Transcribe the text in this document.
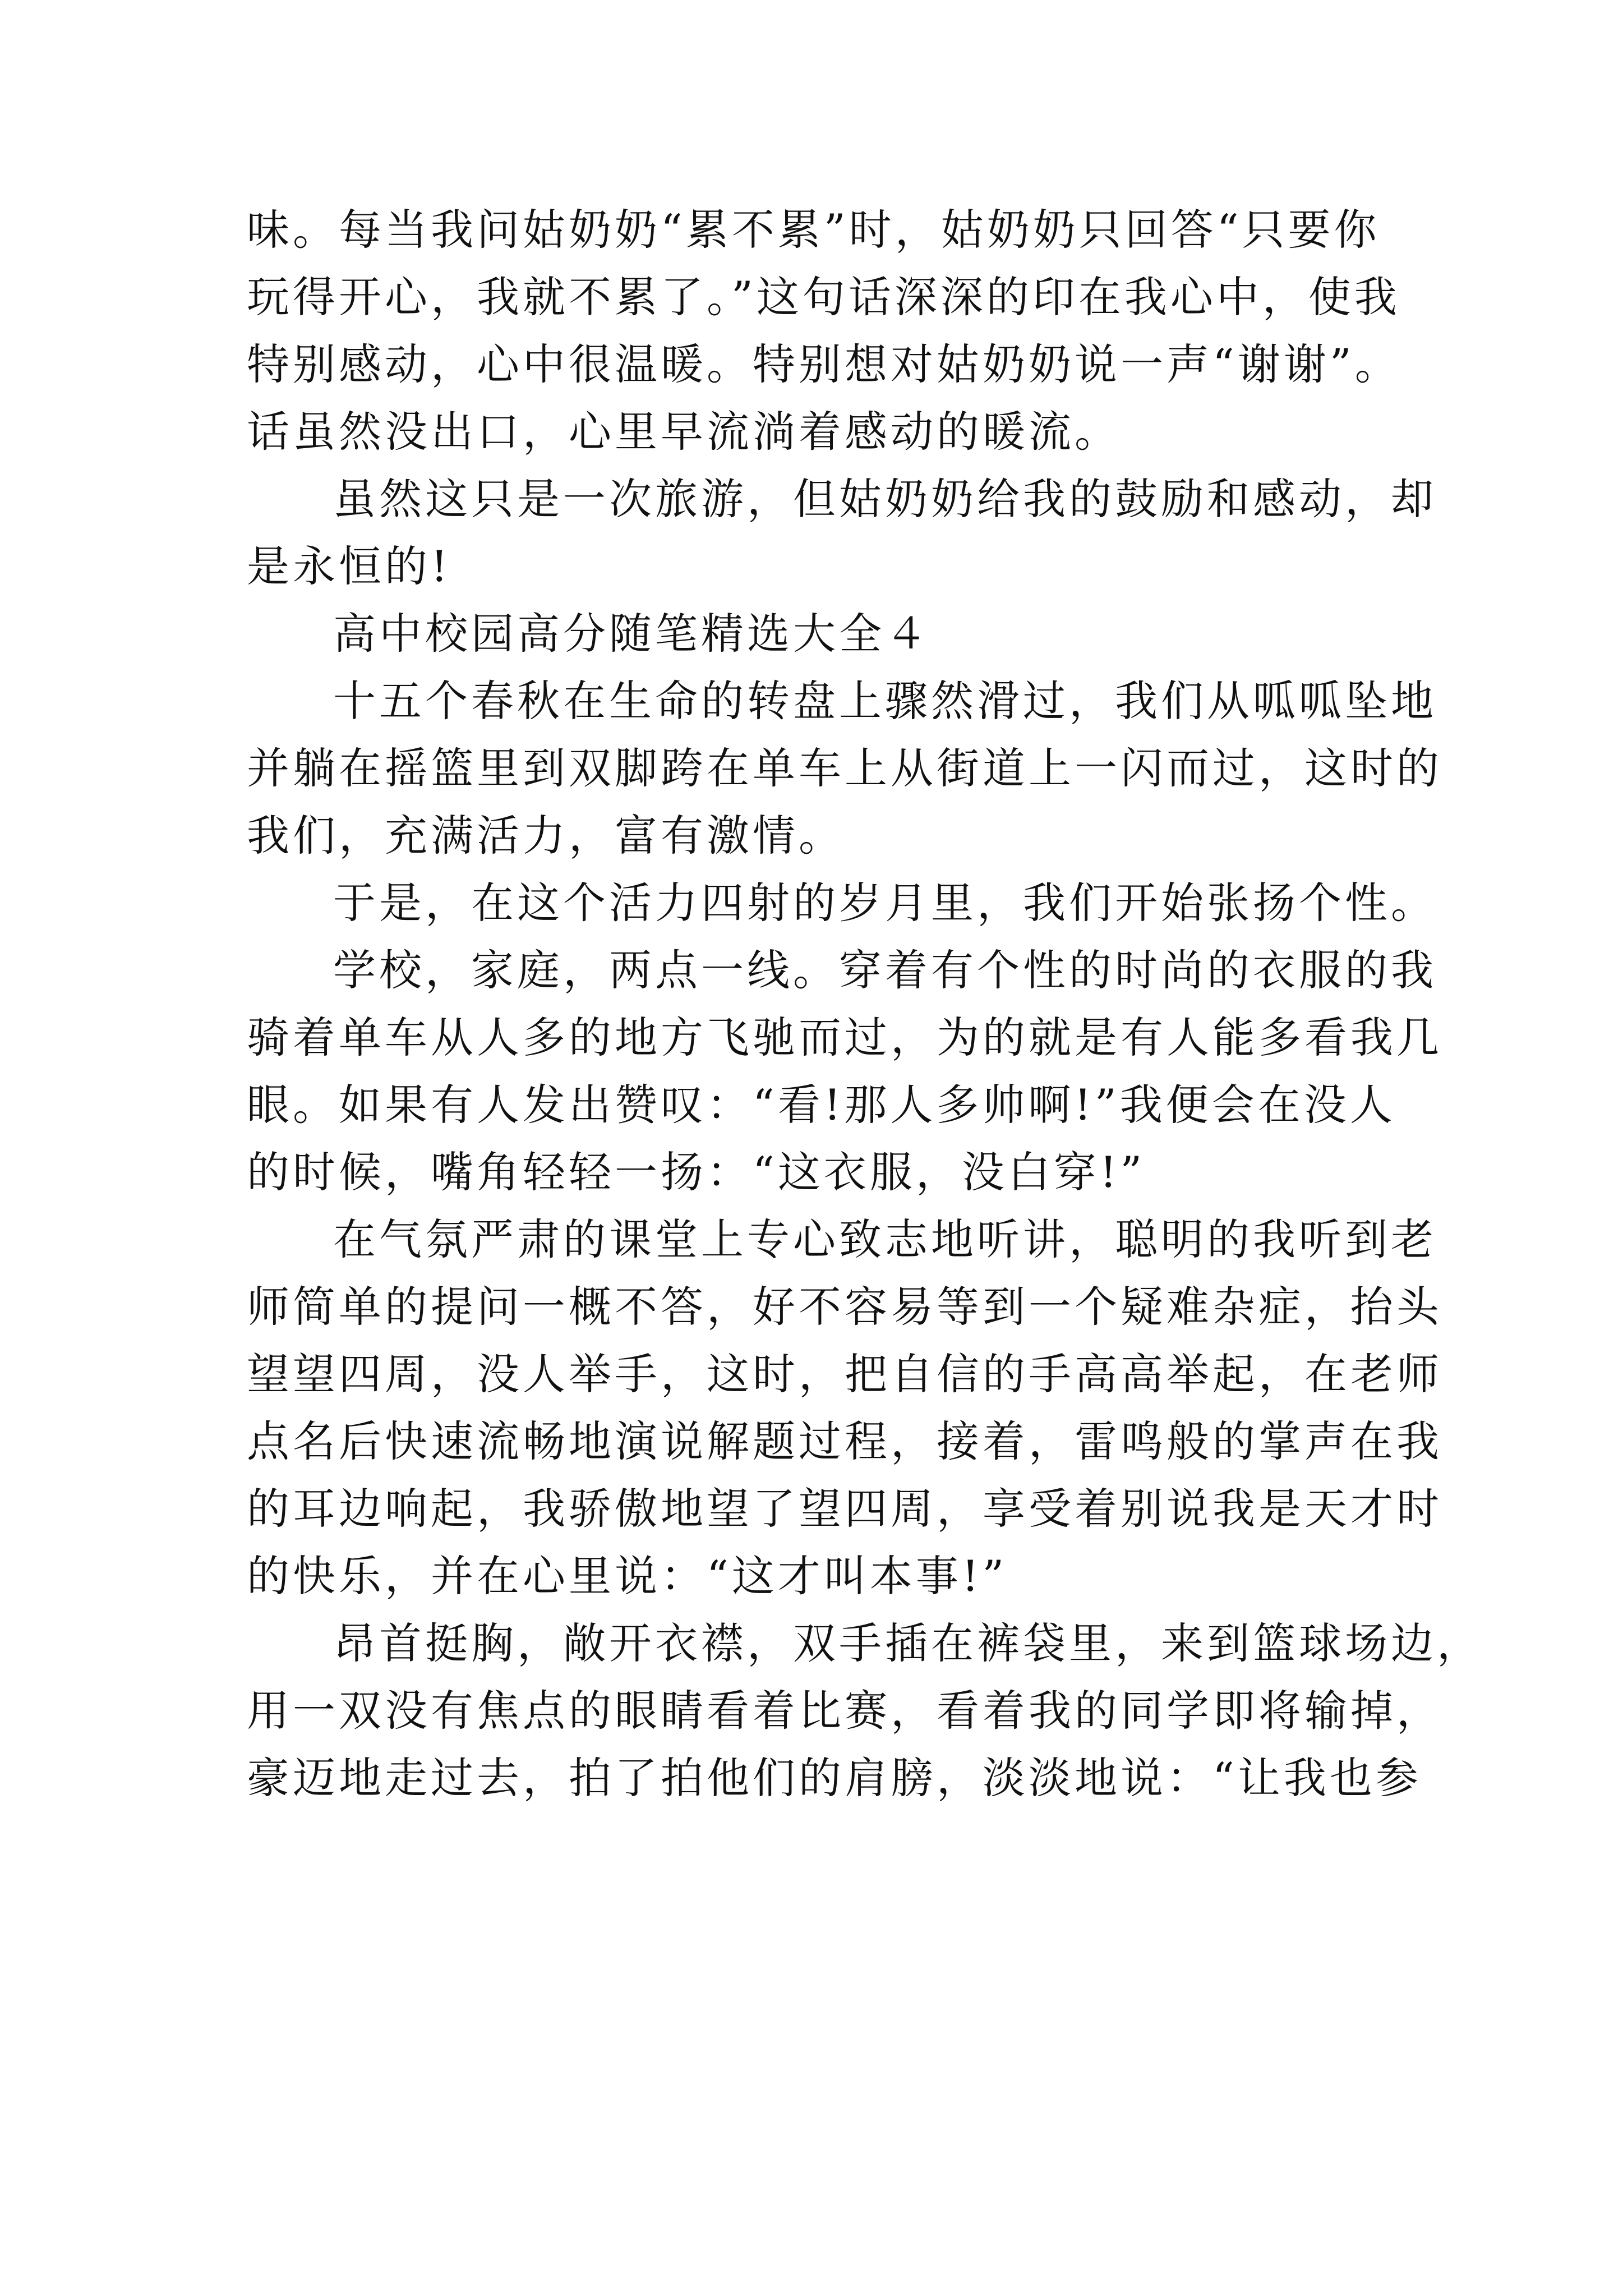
味。每当我问姑奶奶“累不累”时，姑奶奶只回答“只要你
玩得开心，我就不累了。”这句话深深的印在我心中，使我
特别感动，心中很温暖。特别想对姑奶奶说一声“谢谢”。
话虽然没出口，心里早流淌着感动的暖流。
虽然这只是一次旅游，但姑奶奶给我的鼓励和感动，却
是永恒的!
高中校园高分随笔精选大全４
十五个春秋在生命的转盘上骤然滑过，我们从呱呱坠地
并躺在摇篮里到双脚跨在单车上从街道上一闪而过，这时的
我们，充满活力，富有激情。
于是，在这个活力四射的岁月里，我们开始张扬个性。
学校，家庭，两点一线。穿着有个性的时尚的衣服的我
骑着单车从人多的地方飞驰而过，为的就是有人能多看我几
眼。如果有人发出赞叹：“看!那人多帅啊!”我便会在没人
的时候，嘴角轻轻一扬：“这衣服，没白穿!”
在气氛严肃的课堂上专心致志地听讲，聪明的我听到老
师简单的提问一概不答，好不容易等到一个疑难杂症，抬头
望望四周，没人举手，这时，把自信的手高高举起，在老师
点名后快速流畅地演说解题过程，接着，雷鸣般的掌声在我
的耳边响起，我骄傲地望了望四周，享受着别说我是天才时
的快乐，并在心里说：“这才叫本事!”
昂首挺胸，敞开衣襟，双手插在裤袋里，来到篮球场边，
用一双没有焦点的眼睛看着比赛，看着我的同学即将输掉，
豪迈地走过去，拍了拍他们的肩膀，淡淡地说：“让我也参
